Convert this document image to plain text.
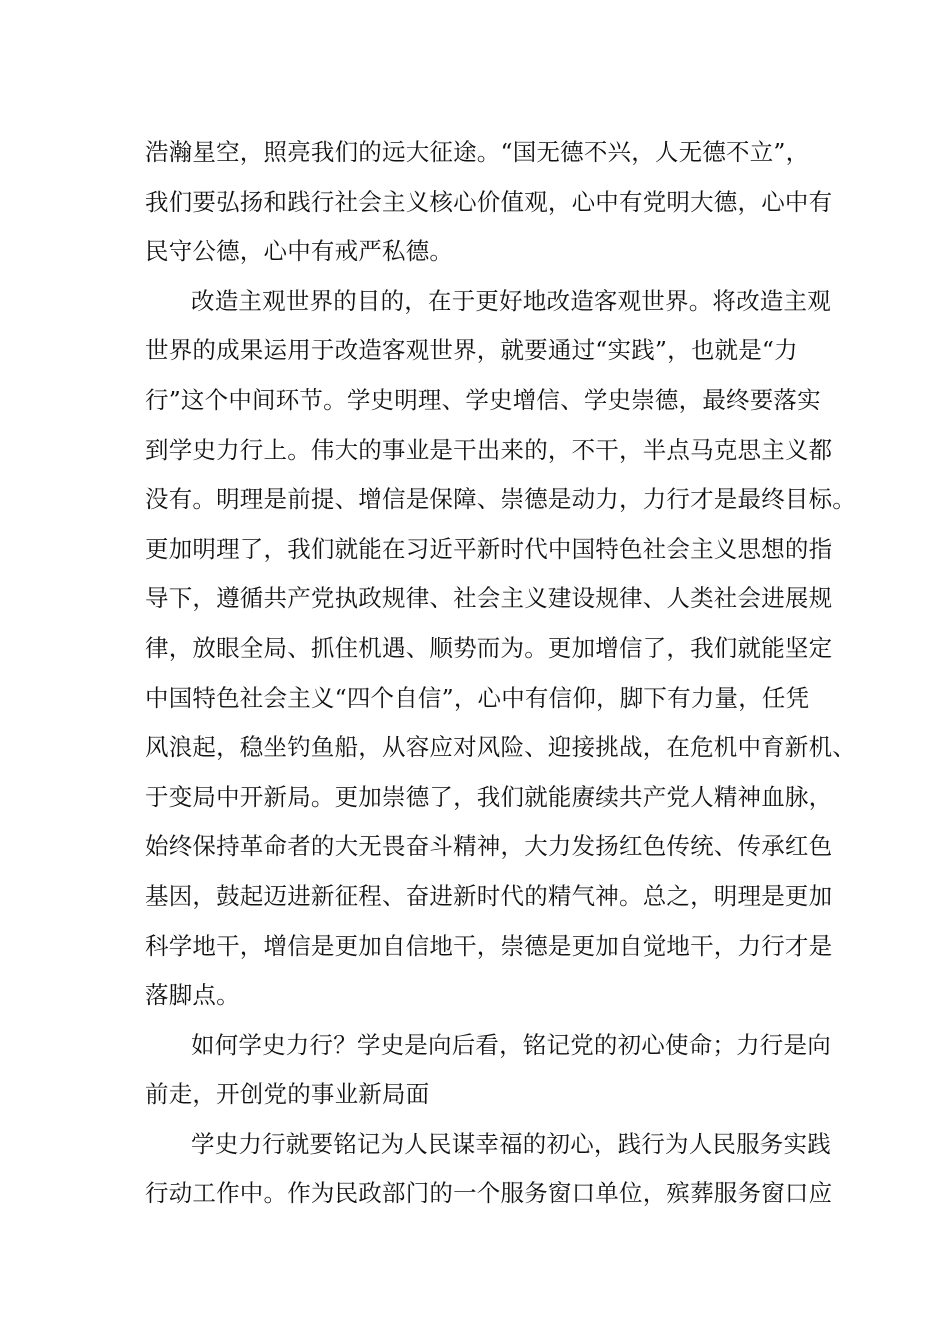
浩瀚星空，照亮我们的远大征途。“国无德不兴，人无德不立”，
我们要弘扬和践行社会主义核心价值观，心中有党明大德，心中有
民守公德，心中有戒严私德。
改造主观世界的目的，在于更好地改造客观世界。将改造主观
世界的成果运用于改造客观世界，就要通过“实践”，也就是“力
行”这个中间环节。学史明理、学史增信、学史崇德，最终要落实
到学史力行上。伟大的事业是干出来的，不干，半点马克思主义都
没有。明理是前提、增信是保障、崇德是动力，力行才是最终目标。
更加明理了，我们就能在习近平新时代中国特色社会主义思想的指
导下，遵循共产党执政规律、社会主义建设规律、人类社会进展规
律，放眼全局、抓住机遇、顺势而为。更加增信了，我们就能坚定
中国特色社会主义“四个自信”，心中有信仰，脚下有力量，任凭
风浪起，稳坐钓鱼船，从容应对风险、迎接挑战，在危机中育新机、
于变局中开新局。更加崇德了，我们就能赓续共产党人精神血脉，
始终保持革命者的大无畏奋斗精神，大力发扬红色传统、传承红色
基因，鼓起迈进新征程、奋进新时代的精气神。总之，明理是更加
科学地干，增信是更加自信地干，崇德是更加自觉地干，力行才是
落脚点。
如何学史力行？学史是向后看，铭记党的初心使命；力行是向
前走，开创党的事业新局面
学史力行就要铭记为人民谋幸福的初心，践行为人民服务实践
行动工作中。作为民政部门的一个服务窗口单位，殡葬服务窗口应
